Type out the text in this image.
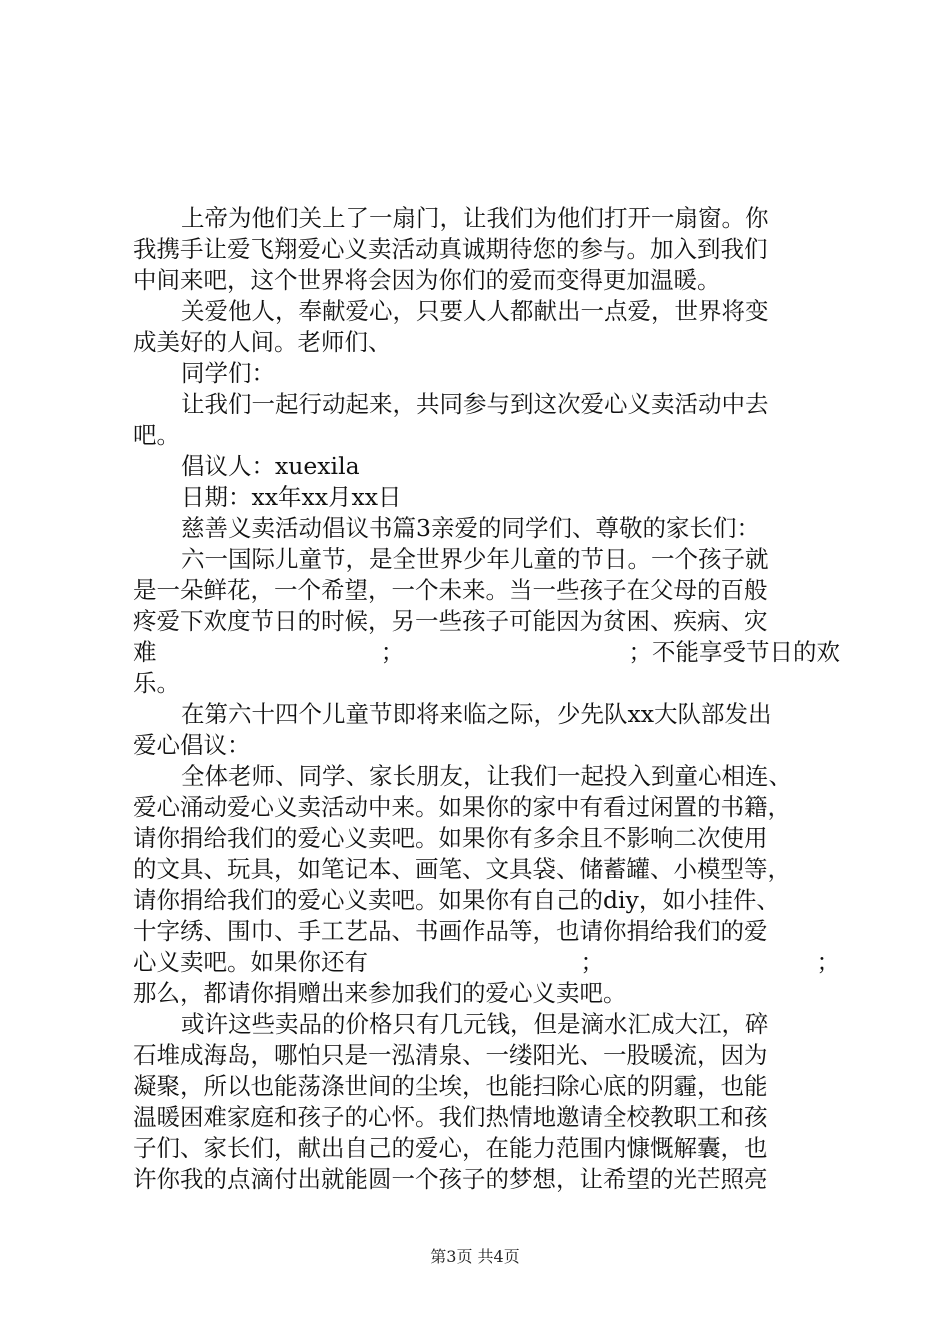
上帝为他们关上了一扇门，让我们为他们打开一扇窗。你
我携手让爱飞翔爱心义卖活动真诚期待您的参与。加入到我们
中间来吧，这个世界将会因为你们的爱而变得更加温暖。
关爱他人，奉献爱心，只要人人都献出一点爱，世界将变
成美好的人间。老师们、
同学们：
让我们一起行动起来，共同参与到这次爱心义卖活动中去
吧。
倡议人：xuexila
日期：xx年xx月xx日
慈善义卖活动倡议书篇3亲爱的同学们、尊敬的家长们：
六一国际儿童节，是全世界少年儿童的节日。一个孩子就
是一朵鲜花，一个希望，一个未来。当一些孩子在父母的百般
疼爱下欢度节日的时候，另一些孩子可能因为贫困、疾病、灾
难	；	；不能享受节日的欢
乐。
在第六十四个儿童节即将来临之际，少先队xx大队部发出
爱心倡议：
全体老师、同学、家长朋友，让我们一起投入到童心相连、
爱心涌动爱心义卖活动中来。如果你的家中有看过闲置的书籍，
请你捐给我们的爱心义卖吧。如果你有多余且不影响二次使用
的文具、玩具，如笔记本、画笔、文具袋、储蓄罐、小模型等，
请你捐给我们的爱心义卖吧。如果你有自己的diy，如小挂件、
十字绣、围巾、手工艺品、书画作品等，也请你捐给我们的爱
心义卖吧。如果你还有	；	；
那么，都请你捐赠出来参加我们的爱心义卖吧。
或许这些卖品的价格只有几元钱，但是滴水汇成大江，碎
石堆成海岛，哪怕只是一泓清泉、一缕阳光、一股暖流，因为
凝聚，所以也能荡涤世间的尘埃，也能扫除心底的阴霾，也能
温暖困难家庭和孩子的心怀。我们热情地邀请全校教职工和孩
子们、家长们，献出自己的爱心，在能力范围内慷慨解囊，也
许你我的点滴付出就能圆一个孩子的梦想，让希望的光芒照亮
第3页 共4页
